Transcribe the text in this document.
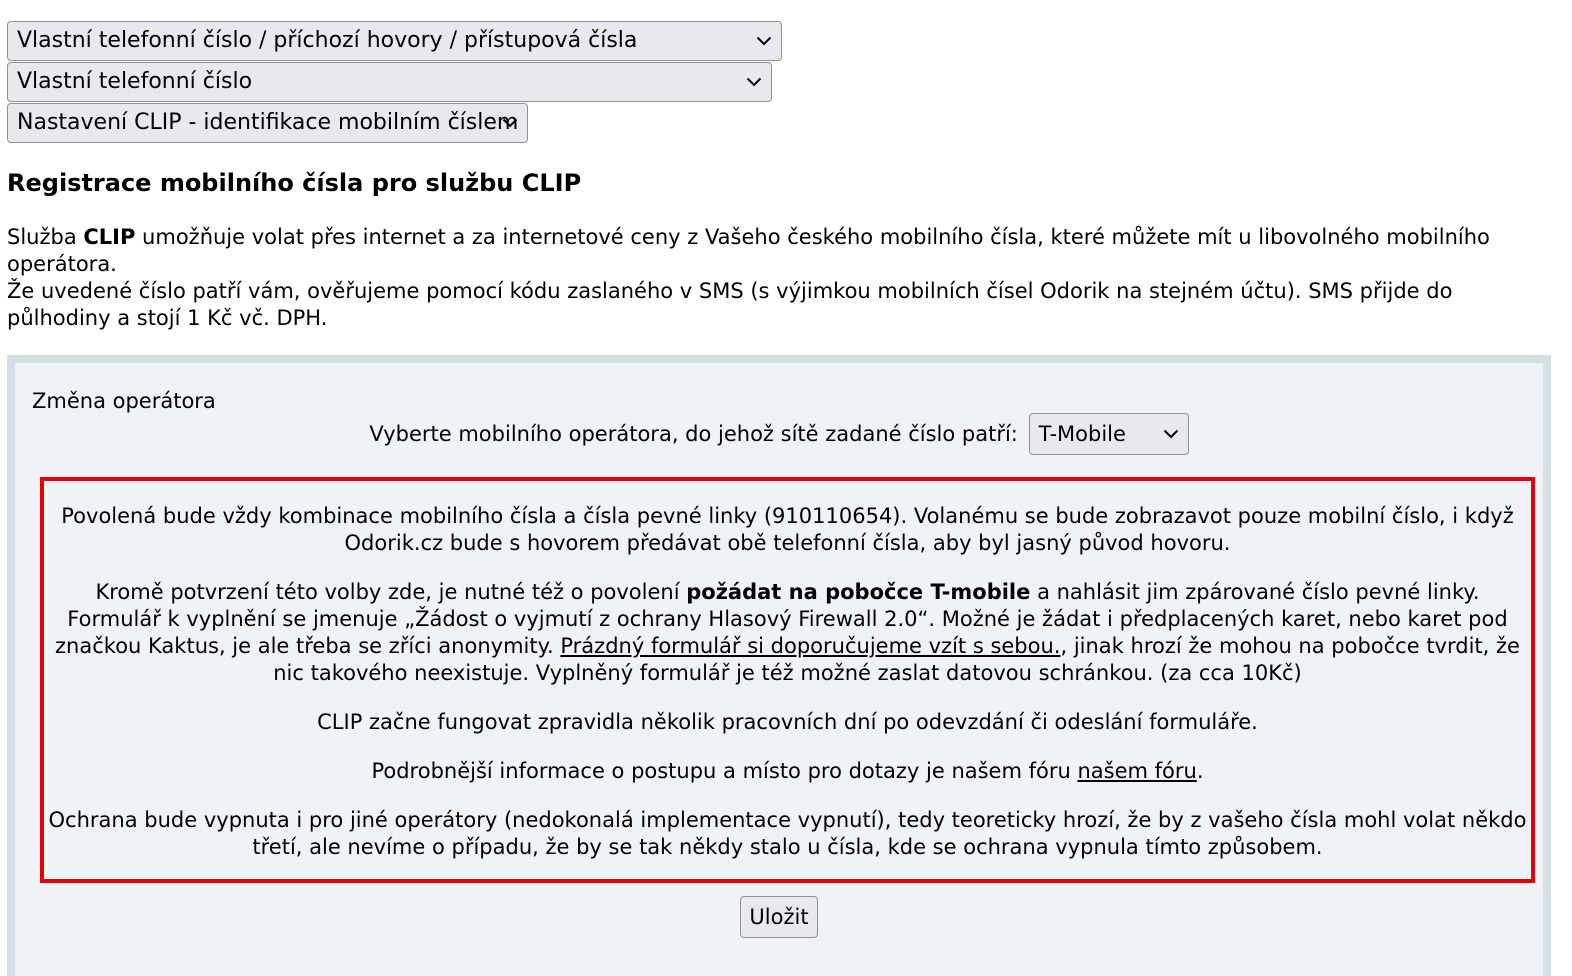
Vlastní telefonní číslo / příchozí hovory / přístupová čísla
Vlastní telefonní číslo
Nastavení CLIP - identifikace mobilním číslem
Registrace mobilního čísla pro službu CLIP

Služba CLIP umožňuje volat přes internet a za internetové ceny z Vašeho českého mobilního čísla, které můžete mít u libovolného mobilního operátora.

Že uvedené číslo patří vám, ověřujeme pomocí kódu zaslaného v SMS (s výjimkou mobilních čísel Odorik na stejném účtu). SMS přijde do půlhodiny a stojí 1 Kč vč. DPH.

Změna operátora
Vyberte mobilního operátora, do jehož sítě zadané číslo patří: T-Mobile

Povolená bude vždy kombinace mobilního čísla a čísla pevné linky (910110654). Volanému se bude zobrazavot pouze mobilní číslo, i když Odorik.cz bude s hovorem předávat obě telefonní čísla, aby byl jasný původ hovoru.

Kromě potvrzení této volby zde, je nutné též o povolení požádat na pobočce T-mobile a nahlásit jim zpárované číslo pevné linky. Formulář k vyplnění se jmenuje „Žádost o vyjmutí z ochrany Hlasový Firewall 2.0“. Možné je žádat i předplacených karet, nebo karet pod značkou Kaktus, je ale třeba se zříci anonymity. Prázdný formulář si doporučujeme vzít s sebou., jinak hrozí že mohou na pobočce tvrdit, že nic takového neexistuje. Vyplněný formulář je též možné zaslat datovou schránkou. (za cca 10Kč)

CLIP začne fungovat zpravidla několik pracovních dní po odevzdání či odeslání formuláře.

Podrobnější informace o postupu a místo pro dotazy je našem fóru našem fóru.

Ochrana bude vypnuta i pro jiné operátory (nedokonalá implementace vypnutí), tedy teoreticky hrozí, že by z vašeho čísla mohl volat někdo třetí, ale nevíme o případu, že by se tak někdy stalo u čísla, kde se ochrana vypnula tímto způsobem.

Uložit
